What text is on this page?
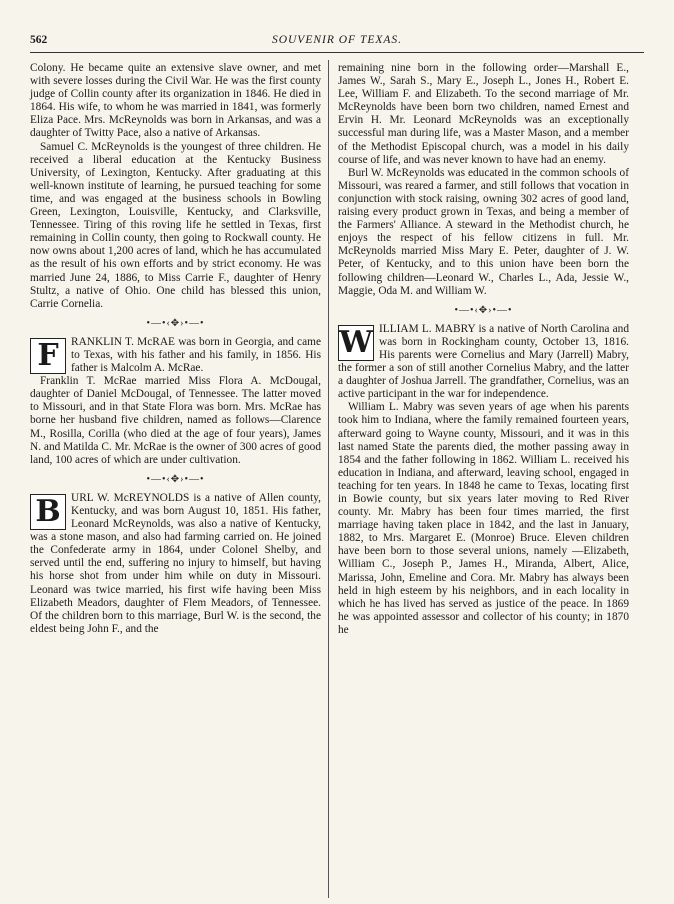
562	SOUVENIR OF TEXAS.

Colony. He became quite an extensive slave owner, and met with severe losses during the Civil War. He was the first county judge of Collin county after its organization in 1846. He died in 1864. His wife, to whom he was married in 1841, was formerly Eliza Pace. Mrs. McReynolds was born in Arkansas, and was a daughter of Twitty Pace, also a native of Arkansas.

Samuel C. McReynolds is the youngest of three children. He received a liberal education at the Kentucky Business University, of Lexington, Kentucky. After graduating at this well-known institute of learning, he pursued teaching for some time, and was engaged at the business schools in Bowling Green, Lexington, Louisville, Kentucky, and Clarksville, Tennessee. Tiring of this roving life he settled in Texas, first remaining in Collin county, then going to Rockwall county. He now owns about 1,200 acres of land, which he has accumulated as the result of his own efforts and by strict economy. He was married June 24, 1886, to Miss Carrie F., daughter of Henry Stultz, a native of Ohio. One child has blessed this union, Carrie Cornelia.

•—•‹✥›•—•
F	RANKLIN T. McRAE was born in Georgia, and came to Texas, with his father and his family, in 1856. His father is Malcolm A. McRae.

Franklin T. McRae married Miss Flora A. McDougal, daughter of Daniel McDougal, of Tennessee. The latter moved to Missouri, and in that State Flora was born. Mrs. McRae has borne her husband five children, named as follows—Clarence M., Rosilla, Corilla (who died at the age of four years), James N. and Matilda C. Mr. McRae is the owner of 300 acres of good land, 100 acres of which are under cultivation.

•—•‹✥›•—•
B URL W. McREYNOLDS is a native of Allen county, Kentucky, and was born August 10, 1851. His father, Leonard McReynolds, was also a native of Kentucky, was a stone mason, and also had farming carried on. He joined the Confederate army in 1864, under Colonel Shelby, and served until the end, suffering no injury to himself, but having his horse shot from under him while on duty in Missouri. Leonard was twice married, his first wife having been Miss Elizabeth Meadors, daughter of Flem Meadors, of Tennessee. Of the children born to this marriage, Burl W. is the second, the eldest being John F., and the

remaining nine born in the following order—Marshall E., James W., Sarah S., Mary E., Joseph L., Jones H., Robert E. Lee, William F. and Elizabeth. To the second marriage of Mr. McReynolds have been born two children, named Ernest and Ervin H. Mr. Leonard McReynolds was an exceptionally successful man during life, was a Master Mason, and a member of the Methodist Episcopal church, was a model in his daily course of life, and was never known to have had an enemy.

Burl W. McReynolds was educated in the common schools of Missouri, was reared a farmer, and still follows that vocation in conjunction with stock raising, owning 302 acres of good land, raising every product grown in Texas, and being a member of the Farmers' Alliance. A steward in the Methodist church, he enjoys the respect of his fellow citizens in full. Mr. McReynolds married Miss Mary E. Peter, daughter of J. W. Peter, of Kentucky, and to this union have been born the following children—Leonard W., Charles L., Ada, Jessie W., Maggie, Oda M. and William W.

•—•‹✥›•—•
W ILLIAM L. MABRY is a native of North Carolina and was born in Rockingham county, October 13, 1816. His parents were Cornelius and Mary (Jarrell) Mabry, the former a son of still another Cornelius Mabry, and the latter a daughter of Joshua Jarrell. The grandfather, Cornelius, was an active participant in the war for independence.

William L. Mabry was seven years of age when his parents took him to Indiana, where the family remained fourteen years, afterward going to Wayne county, Missouri, and it was in this last named State the parents died, the mother passing away in 1854 and the father following in 1862. William L. received his education in Indiana, and afterward, leaving school, engaged in teaching for ten years. In 1848 he came to Texas, locating first in Bowie county, but six years later moving to Red River county. Mr. Mabry has been four times married, the first marriage having taken place in 1842, and the last in January, 1882, to Mrs. Margaret E. (Monroe) Bruce. Eleven children have been born to those several unions, namely —Elizabeth, William C., Joseph P., James H., Miranda, Albert, Alice, Marissa, John, Emeline and Cora. Mr. Mabry has always been held in high esteem by his neighbors, and in each locality in which he has lived has served as justice of the peace. In 1869 he was appointed assessor and collector of his county; in 1870 he
